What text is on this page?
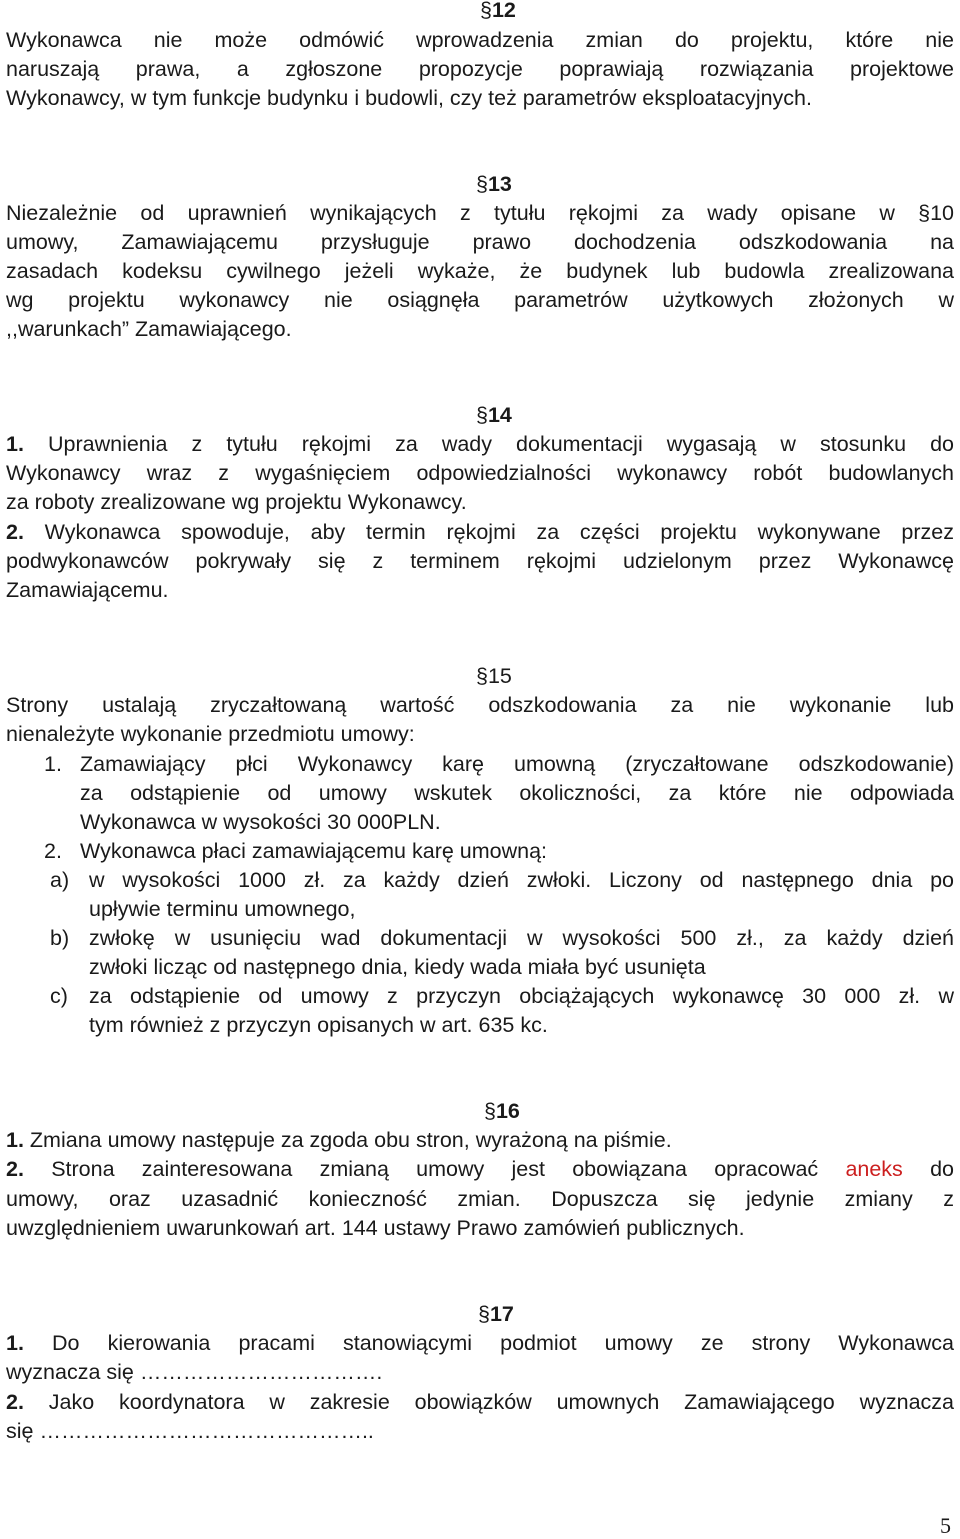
§12
Wykonawca nie może odmówić wprowadzenia zmian do projektu, które nie
naruszają prawa, a zgłoszone propozycje poprawiają rozwiązania projektowe
Wykonawcy, w tym funkcje budynku i budowli, czy też parametrów eksploatacyjnych.
§13
Niezależnie od uprawnień wynikających z tytułu rękojmi za wady opisane w §10
umowy, Zamawiającemu przysługuje prawo dochodzenia odszkodowania na
zasadach kodeksu cywilnego jeżeli wykaże, że budynek lub budowla zrealizowana
wg projektu wykonawcy nie osiągnęła parametrów użytkowych złożonych w
,,warunkach” Zamawiającego.
§14
1. Uprawnienia z tytułu rękojmi za wady dokumentacji wygasają w stosunku do
Wykonawcy wraz z wygaśnięciem odpowiedzialności wykonawcy robót budowlanych
za roboty zrealizowane wg projektu Wykonawcy.
2. Wykonawca spowoduje, aby termin rękojmi za części projektu wykonywane przez
podwykonawców pokrywały się z terminem rękojmi udzielonym przez Wykonawcę
Zamawiającemu.
§15
Strony ustalają zryczałtowaną wartość odszkodowania za nie wykonanie lub
nienależyte wykonanie przedmiotu umowy:
1. Zamawiający płci Wykonawcy karę umowną (zryczałtowane odszkodowanie)
za odstąpienie od umowy wskutek okoliczności, za które nie odpowiada
Wykonawca w wysokości 30 000PLN.
2. Wykonawca płaci zamawiającemu karę umowną:
a) w wysokości 1000 zł. za każdy dzień zwłoki. Liczony od następnego dnia po
upływie terminu umownego,
b) zwłokę w usunięciu wad dokumentacji w wysokości 500 zł., za każdy dzień
zwłoki licząc od następnego dnia, kiedy wada miała być usunięta
c) za odstąpienie od umowy z przyczyn obciążających wykonawcę 30 000 zł. w
tym również z przyczyn opisanych w art. 635 kc.
§16
1. Zmiana umowy następuje za zgoda obu stron, wyrażoną na piśmie.
2. Strona zainteresowana zmianą umowy jest obowiązana opracować aneks do
umowy, oraz uzasadnić konieczność zmian. Dopuszcza się jedynie zmiany z
uwzględnieniem uwarunkowań art. 144 ustawy Prawo zamówień publicznych.
§17
1. Do kierowania pracami stanowiącymi podmiot umowy ze strony Wykonawca
wyznacza się …………………………….
2. Jako koordynatora w zakresie obowiązków umownych Zamawiającego wyznacza
się ………………………………………..
5
